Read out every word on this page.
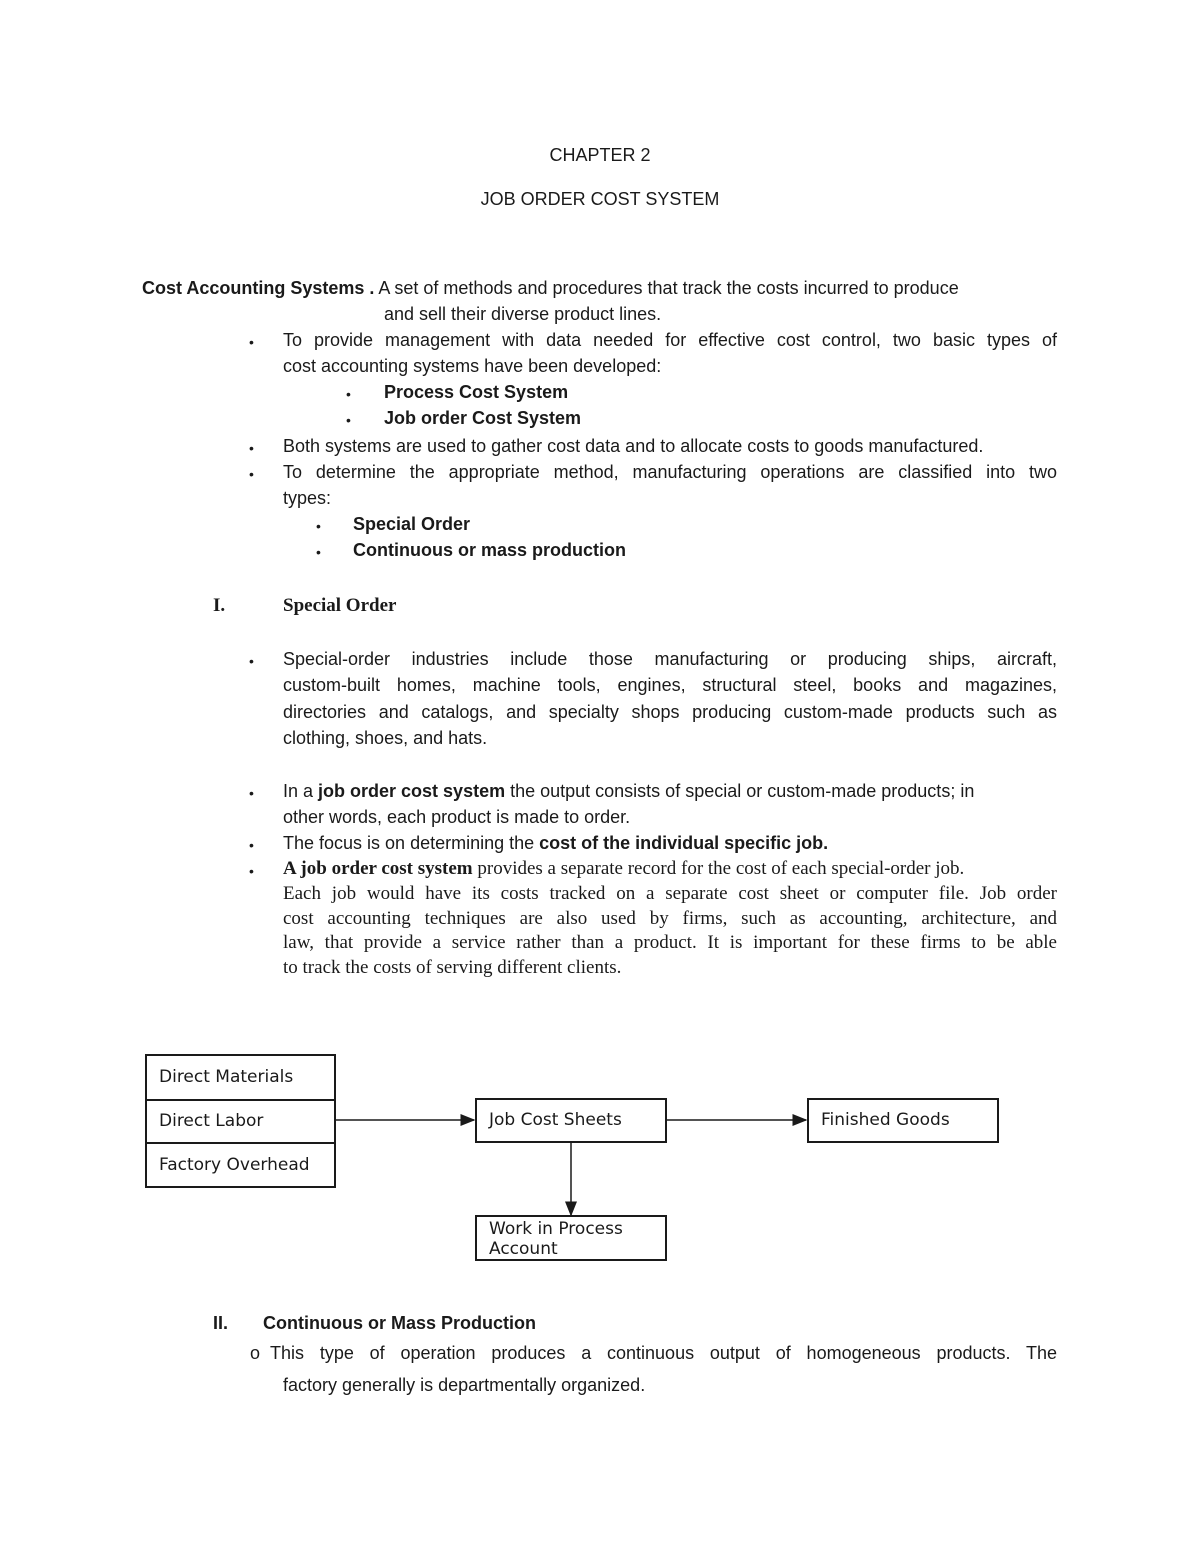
CHAPTER 2
JOB ORDER COST SYSTEM
Cost Accounting Systems . A set of methods and procedures that track the costs incurred to produce
and sell their diverse product lines.
• To provide management with data needed for effective cost control, two basic types of
cost accounting systems have been developed:
• Process Cost System
• Job order Cost System
• Both systems are used to gather cost data and to allocate costs to goods manufactured.
• To determine the appropriate method, manufacturing operations are classified into two
types:
• Special Order
• Continuous or mass production
I.	Special Order
• Special-order industries include those manufacturing or producing ships, aircraft,
custom-built homes, machine tools, engines, structural steel, books and magazines,
directories and catalogs, and specialty shops producing custom-made products such as
clothing, shoes, and hats.
• In a job order cost system the output consists of special or custom-made products; in
other words, each product is made to order.
• The focus is on determining the cost of the individual specific job.
• A job order cost system provides a separate record for the cost of each special-order job.
Each job would have its costs tracked on a separate cost sheet or computer file. Job order
cost accounting techniques are also used by firms, such as accounting, architecture, and
law, that provide a service rather than a product. It is important for these firms to be able
to track the costs of serving different clients.
Direct Materials
Direct Labor
Factory Overhead
Job Cost Sheets	Finished Goods
Work in Process
Account
II. Continuous or Mass Production
o This type of operation produces a continuous output of homogeneous products. The
factory generally is departmentally organized.
